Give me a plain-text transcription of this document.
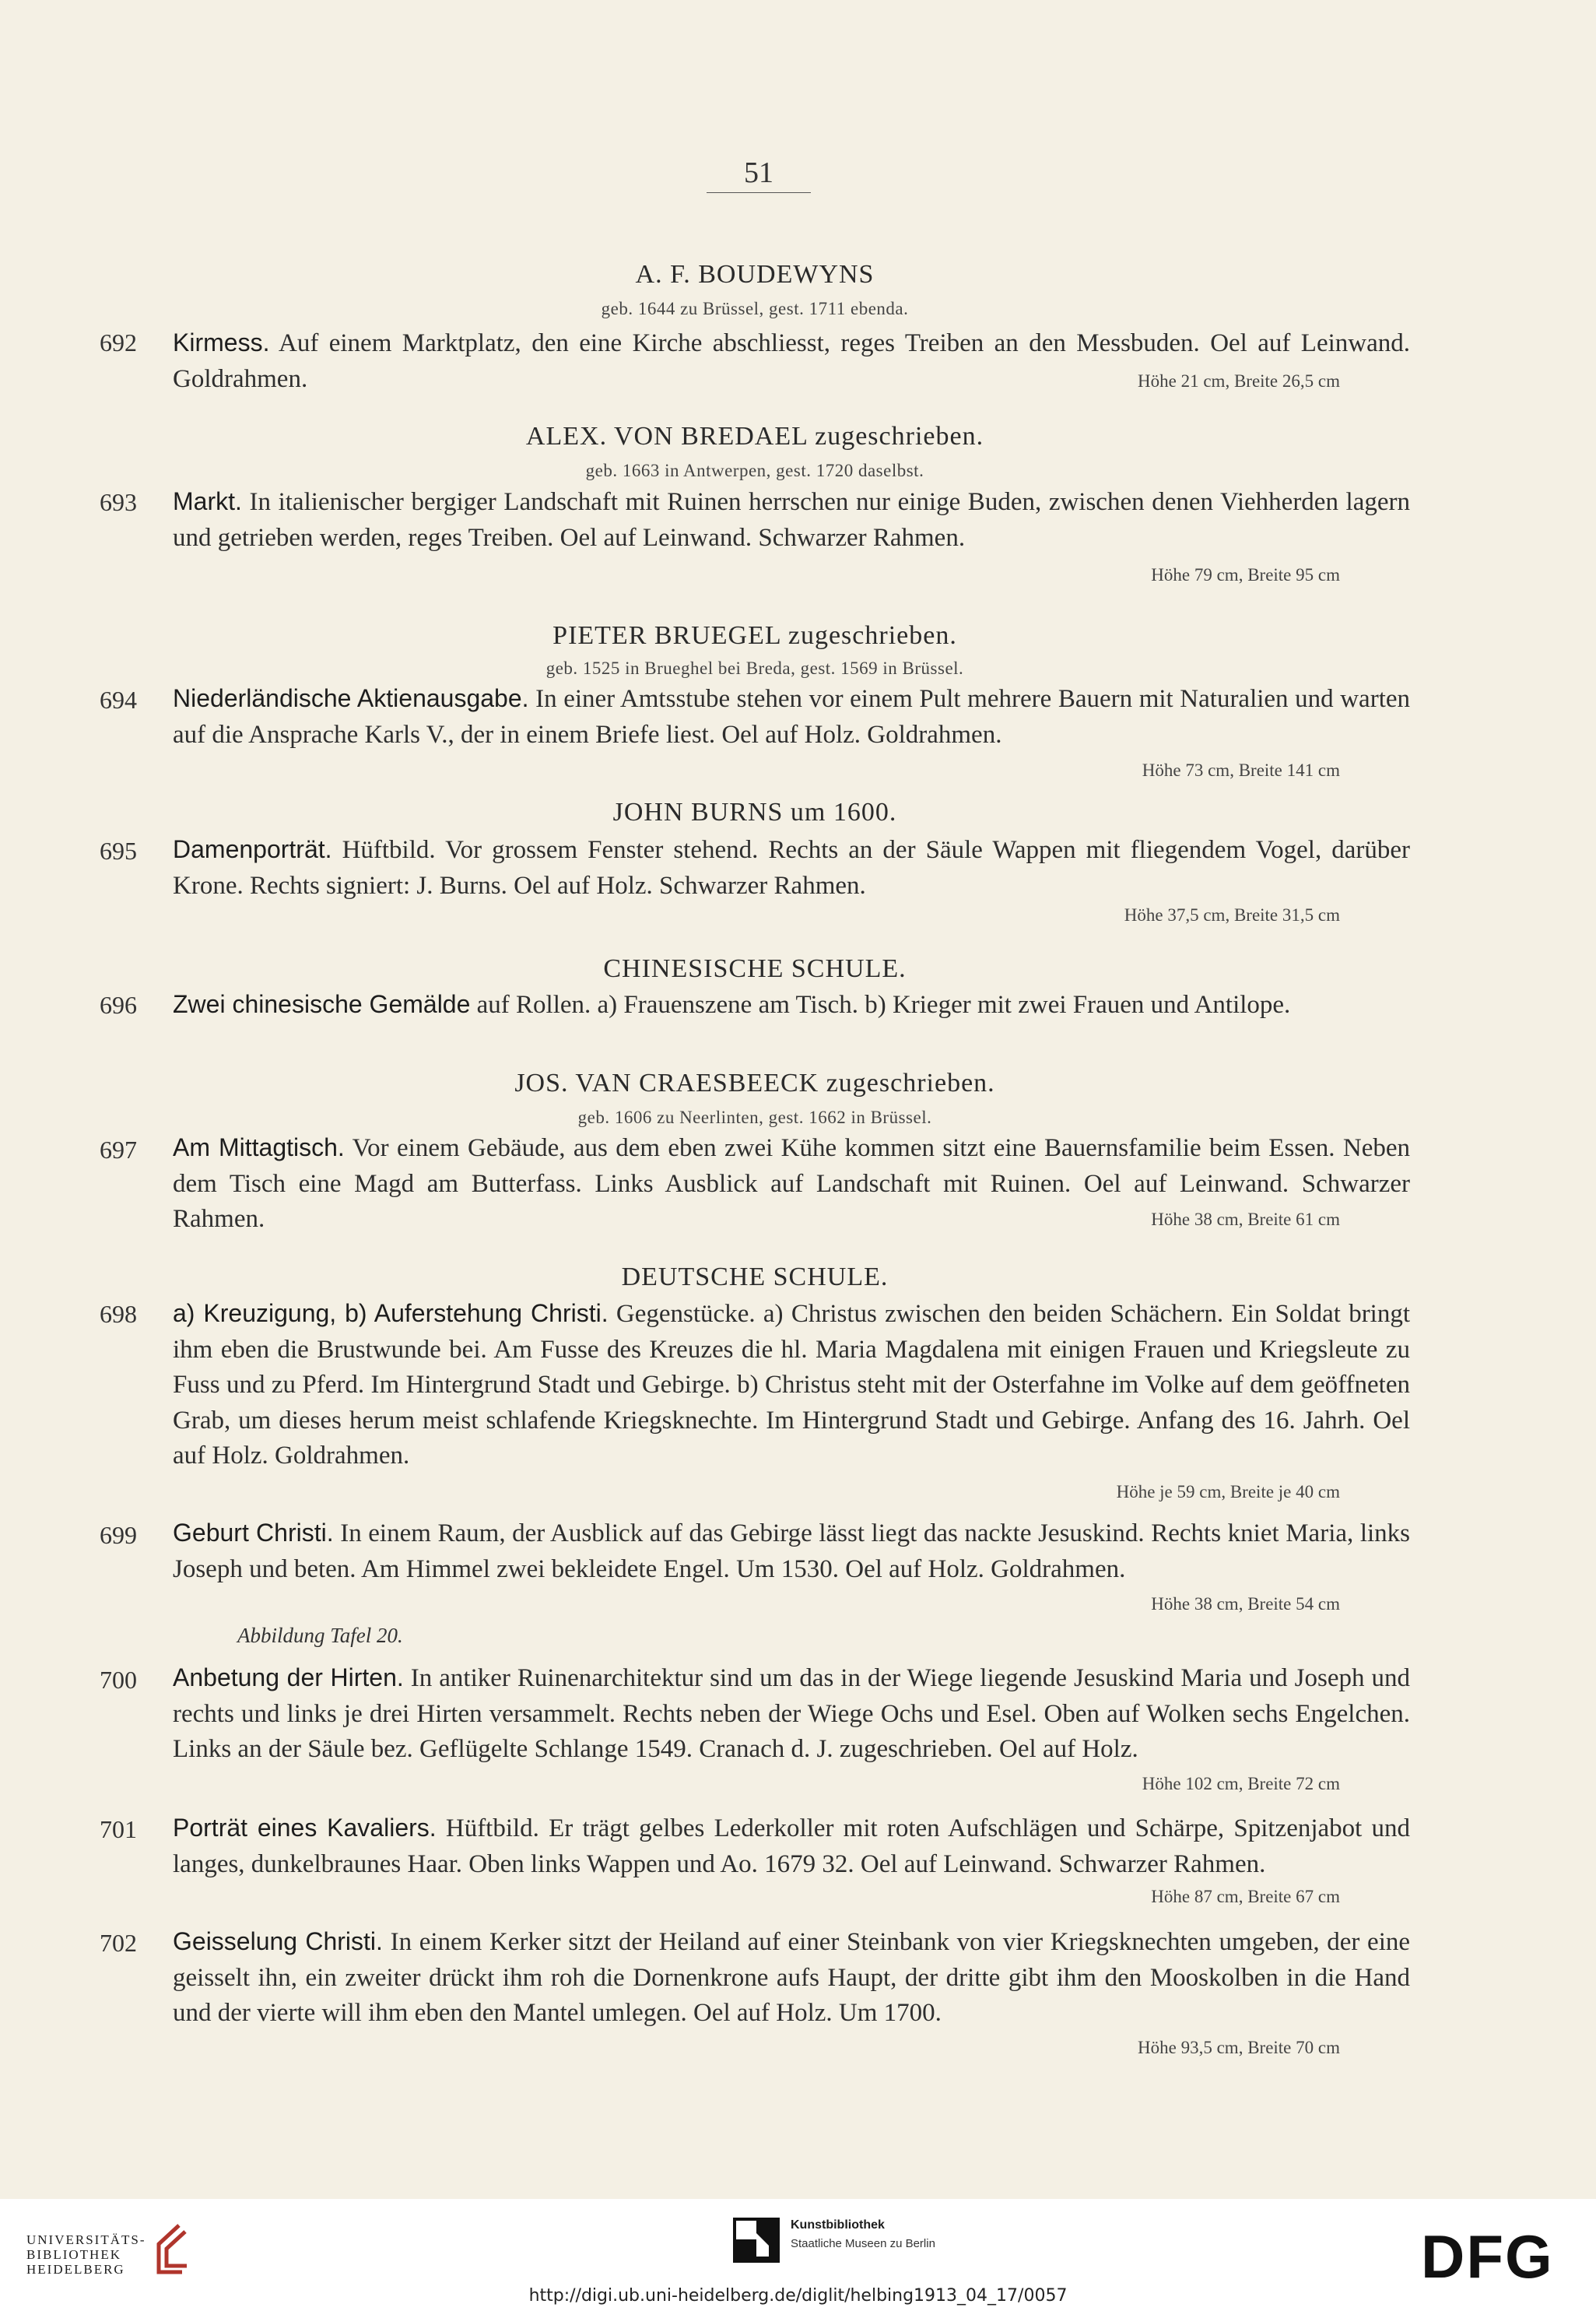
51
A. F. BOUDEWYNS
geb. 1644 zu Brüssel, gest. 1711 ebenda.
692 Kirmess. Auf einem Marktplatz, den eine Kirche abschliesst, reges Treiben an den Messbuden. Oel auf Leinwand. Goldrahmen.	Höhe 21 cm, Breite 26,5 cm
ALEX. VON BREDAEL zugeschrieben.
geb. 1663 in Antwerpen, gest. 1720 daselbst.
693 Markt. In italienischer bergiger Landschaft mit Ruinen herrschen nur einige Buden, zwischen denen Viehherden lagern und getrieben werden, reges Treiben. Oel auf Leinwand. Schwarzer Rahmen.
Höhe 79 cm, Breite 95 cm
PIETER BRUEGEL zugeschrieben.
geb. 1525 in Brueghel bei Breda, gest. 1569 in Brüssel.
694 Niederländische Aktienausgabe. In einer Amtsstube stehen vor einem Pult mehrere Bauern mit Naturalien und warten auf die Ansprache Karls V., der in einem Briefe liest. Oel auf Holz. Goldrahmen.
Höhe 73 cm, Breite 141 cm
JOHN BURNS um 1600.
695 Damenporträt. Hüftbild. Vor grossem Fenster stehend. Rechts an der Säule Wappen mit fliegendem Vogel, darüber Krone. Rechts signiert: J. Burns. Oel auf Holz. Schwarzer Rahmen.
Höhe 37,5 cm, Breite 31,5 cm
CHINESISCHE SCHULE.
696 Zwei chinesische Gemälde auf Rollen. a) Frauenszene am Tisch. b) Krieger mit zwei Frauen und Antilope.
JOS. VAN CRAESBEECK zugeschrieben.
geb. 1606 zu Neerlinten, gest. 1662 in Brüssel.
697 Am Mittagtisch. Vor einem Gebäude, aus dem eben zwei Kühe kommen sitzt eine Bauernsfamilie beim Essen. Neben dem Tisch eine Magd am Butterfass. Links Ausblick auf Landschaft mit Ruinen. Oel auf Leinwand. Schwarzer Rahmen.	Höhe 38 cm, Breite 61 cm
DEUTSCHE SCHULE.
698 a) Kreuzigung, b) Auferstehung Christi. Gegenstücke. a) Christus zwischen den beiden Schächern. Ein Soldat bringt ihm eben die Brustwunde bei. Am Fusse des Kreuzes die hl. Maria Magdalena mit einigen Frauen und Kriegsleute zu Fuss und zu Pferd. Im Hintergrund Stadt und Gebirge. b) Christus steht mit der Osterfahne im Volke auf dem geöffneten Grab, um dieses herum meist schlafende Kriegsknechte. Im Hintergrund Stadt und Gebirge. Anfang des 16. Jahrh. Oel auf Holz. Goldrahmen.
Höhe je 59 cm, Breite je 40 cm
699 Geburt Christi. In einem Raum, der Ausblick auf das Gebirge lässt liegt das nackte Jesuskind. Rechts kniet Maria, links Joseph und beten. Am Himmel zwei bekleidete Engel. Um 1530. Oel auf Holz. Goldrahmen.
Höhe 38 cm, Breite 54 cm
Abbildung Tafel 20.
700 Anbetung der Hirten. In antiker Ruinenarchitektur sind um das in der Wiege liegende Jesuskind Maria und Joseph und rechts und links je drei Hirten versammelt. Rechts neben der Wiege Ochs und Esel. Oben auf Wolken sechs Engelchen. Links an der Säule bez. Geflügelte Schlange 1549. Cranach d. J. zugeschrieben. Oel auf Holz.
Höhe 102 cm, Breite 72 cm
701 Porträt eines Kavaliers. Hüftbild. Er trägt gelbes Lederkoller mit roten Aufschlägen und Schärpe, Spitzenjabot und langes, dunkelbraunes Haar. Oben links Wappen und Ao. 1679 32. Oel auf Leinwand. Schwarzer Rahmen.
Höhe 87 cm, Breite 67 cm
702 Geisselung Christi. In einem Kerker sitzt der Heiland auf einer Steinbank von vier Kriegsknechten umgeben, der eine geisselt ihn, ein zweiter drückt ihm roh die Dornenkrone aufs Haupt, der dritte gibt ihm den Mooskolben in die Hand und der vierte will ihm eben den Mantel umlegen. Oel auf Holz. Um 1700.
Höhe 93,5 cm, Breite 70 cm
UNIVERSITÄTS-
BIBLIOTHEK
HEIDELBERG
Kunstbibliothek
Staatliche Museen zu Berlin	DFG
http://digi.ub.uni-heidelberg.de/diglit/helbing1913_04_17/0057
